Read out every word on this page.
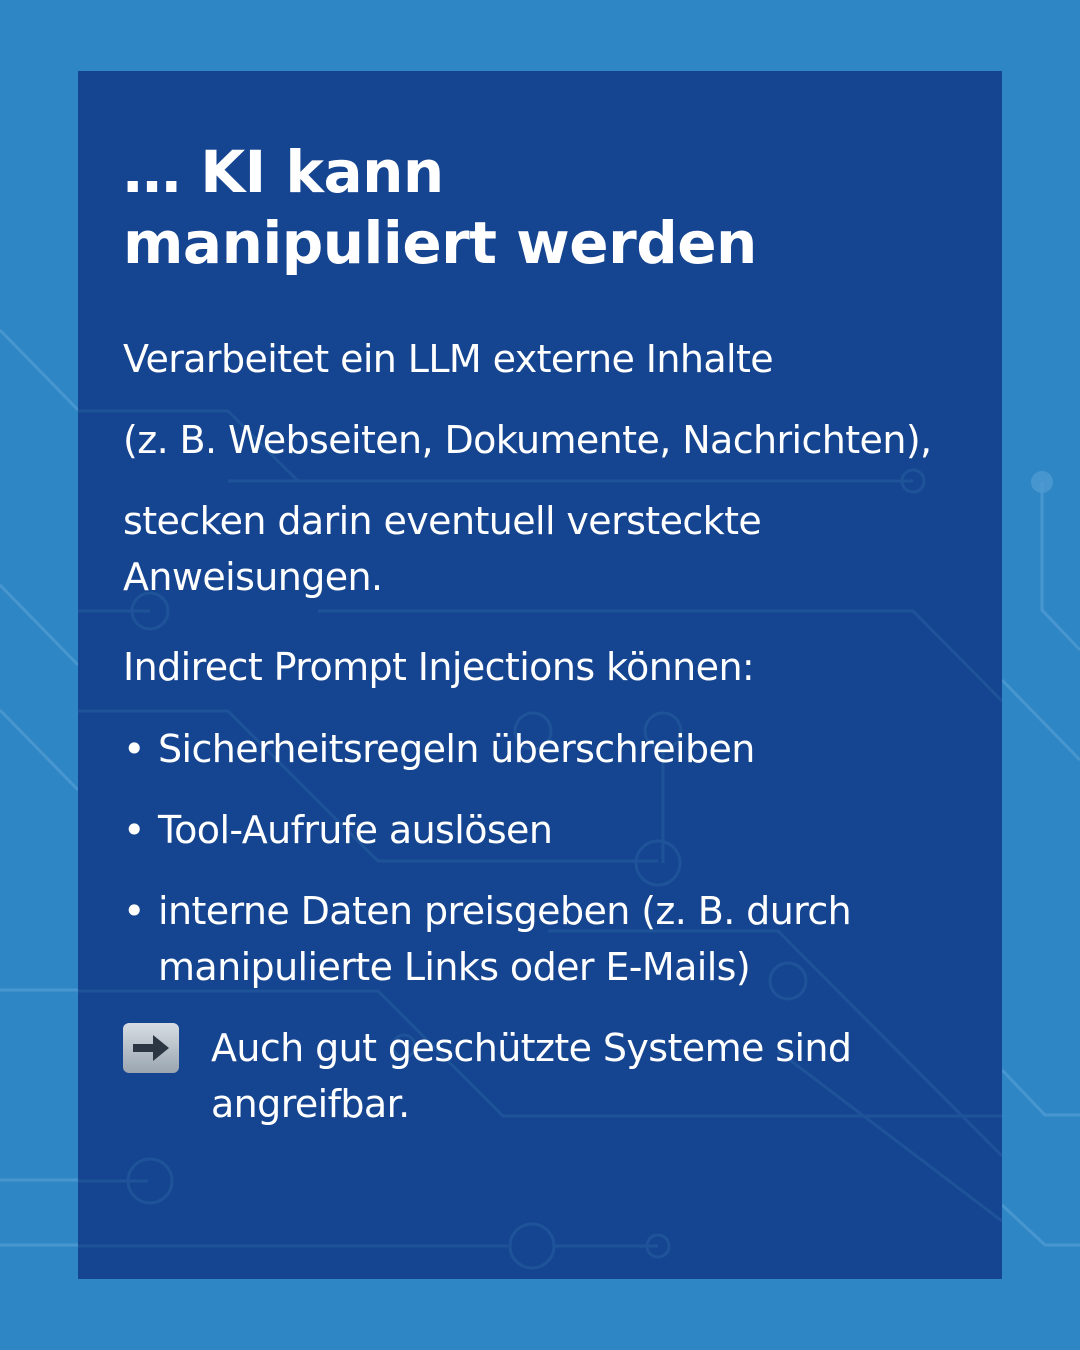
… KI kann
manipuliert werden

Verarbeitet ein LLM externe Inhalte

(z. B. Webseiten, Dokumente, Nachrichten),

stecken darin eventuell versteckte Anweisungen.

Indirect Prompt Injections können:

• Sicherheitsregeln überschreiben
• Tool-Aufrufe auslösen
• interne Daten preisgeben (z. B. durch manipulierte Links oder E-Mails)
Auch gut geschützte Systeme sind angreifbar.
